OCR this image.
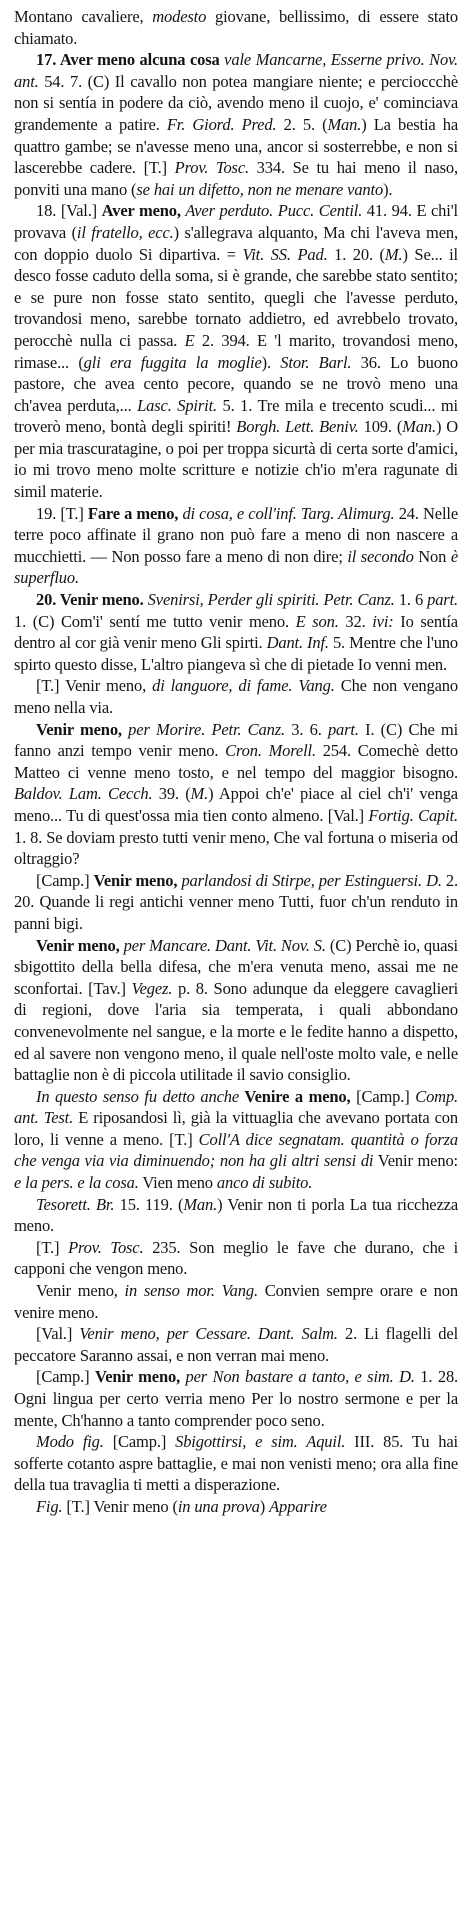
Montano cavaliere, modesto giovane, bellissimo, di essere stato chiamato.

17. Aver meno alcuna cosa vale Mancarne, Esserne privo. Nov. ant. 54. 7. (C) Il cavallo non potea mangiare niente; e percioccchè non si sentía in podere da ciò, avendo meno il cuojo, e' cominciava grandemente a patire. Fr. Giord. Pred. 2. 5. (Man.) La bestia ha quattro gambe; se n'avesse meno una, ancor si sosterrebbe, e non si lascerebbe cadere. [T.] Prov. Tosc. 334. Se tu hai meno il naso, ponviti una mano (se hai un difetto, non ne menare vanto).

18. [Val.] Aver meno, Aver perduto. Pucc. Centil. 41. 94. E chi'l provava (il fratello, ecc.) s'allegrava alquanto, Ma chi l'aveva men, con doppio duolo Si dipartiva. = Vit. SS. Pad. 1. 20. (M.) Se... il desco fosse caduto della soma, si è grande, che sarebbe stato sentito; e se pure non fosse stato sentito, quegli che l'avesse perduto, trovandosi meno, sarebbe tornato addietro, ed avrebbelo trovato, perocchè nulla ci passa. E 2. 394. E 'l marito, trovandosi meno, rimase... (gli era fuggita la moglie). Stor. Barl. 36. Lo buono pastore, che avea cento pecore, quando se ne trovò meno una ch'avea perduta,... Lasc. Spirit. 5. 1. Tre mila e trecento scudi... mi troverò meno, bontà degli spiriti! Borgh. Lett. Beniv. 109. (Man.) O per mia trascuratagine, o poi per troppa sicurtà di certa sorte d'amici, io mi trovo meno molte scritture e notizie ch'io m'era ragunate di simil materie.

19. [T.] Fare a meno, di cosa, e coll'inf. Targ. Alimurg. 24. Nelle terre poco affinate il grano non può fare a meno di non nascere a mucchietti. — Non posso fare a meno di non dire; il secondo Non è superfluo.

20. Venir meno. Svenirsi, Perder gli spiriti. Petr. Canz. 1. 6 part. 1. (C) Com'i' sentí me tutto venir meno. E son. 32. ivi: Io sentía dentro al cor già venir meno Gli spirti. Dant. Inf. 5. Mentre che l'uno spirto questo disse, L'altro piangeva sì che di pietade Io venni men.

[T.] Venir meno, di languore, di fame. Vang. Che non vengano meno nella via.

Venir meno, per Morire. Petr. Canz. 3. 6. part. I. (C) Che mi fanno anzi tempo venir meno. Cron. Morell. 254. Comechè detto Matteo ci venne meno tosto, e nel tempo del maggior bisogno. Baldov. Lam. Cecch. 39. (M.) Appoi ch'e' piace al ciel ch'i' venga meno... Tu di quest'ossa mia tien conto almeno. [Val.] Fortig. Capit. 1. 8. Se doviam presto tutti venir meno, Che val fortuna o miseria od oltraggio?

[Camp.] Venir meno, parlandosi di Stirpe, per Estinguersi. D. 2. 20. Quande li regi antichi venner meno Tutti, fuor ch'un renduto in panni bigi.

Venir meno, per Mancare. Dant. Vit. Nov. S. (C) Perchè io, quasi sbigottito della bella difesa, che m'era venuta meno, assai me ne sconfortai. [Tav.] Vegez. p. 8. Sono adunque da eleggere cavaglieri di regioni, dove l'aria sia temperata, i quali abbondano convenevolmente nel sangue, e la morte e le fedite hanno a dispetto, ed al savere non vengono meno, il quale nell'oste molto vale, e nelle battaglie non è di piccola utilitade il savio consiglio.

In questo senso fu detto anche Venire a meno, [Camp.] Comp. ant. Test. E riposandosi lì, già la vittuaglia che avevano portata con loro, li venne a meno. [T.] Coll'A dice segnatam. quantità o forza che venga via via diminuendo; non ha gli altri sensi di Venir meno: e la pers. e la cosa. Vien meno anco di subito.

Tesorett. Br. 15. 119. (Man.) Venir non ti porla La tua ricchezza meno.

[T.] Prov. Tosc. 235. Son meglio le fave che durano, che i capponi che vengon meno.

Venir meno, in senso mor. Vang. Convien sempre orare e non venire meno.

[Val.] Venir meno, per Cessare. Dant. Salm. 2. Li flagelli del peccatore Saranno assai, e non verran mai meno.

[Camp.] Venir meno, per Non bastare a tanto, e sim. D. 1. 28. Ogni lingua per certo verria meno Per lo nostro sermone e per la mente, Ch'hanno a tanto comprender poco seno.

Modo fig. [Camp.] Sbigottirsi, e sim. Aquil. III. 85. Tu hai sofferte cotanto aspre battaglie, e mai non venisti meno; ora alla fine della tua travaglia ti metti a disperazione.

Fig. [T.] Venir meno (in una prova) Apparire
